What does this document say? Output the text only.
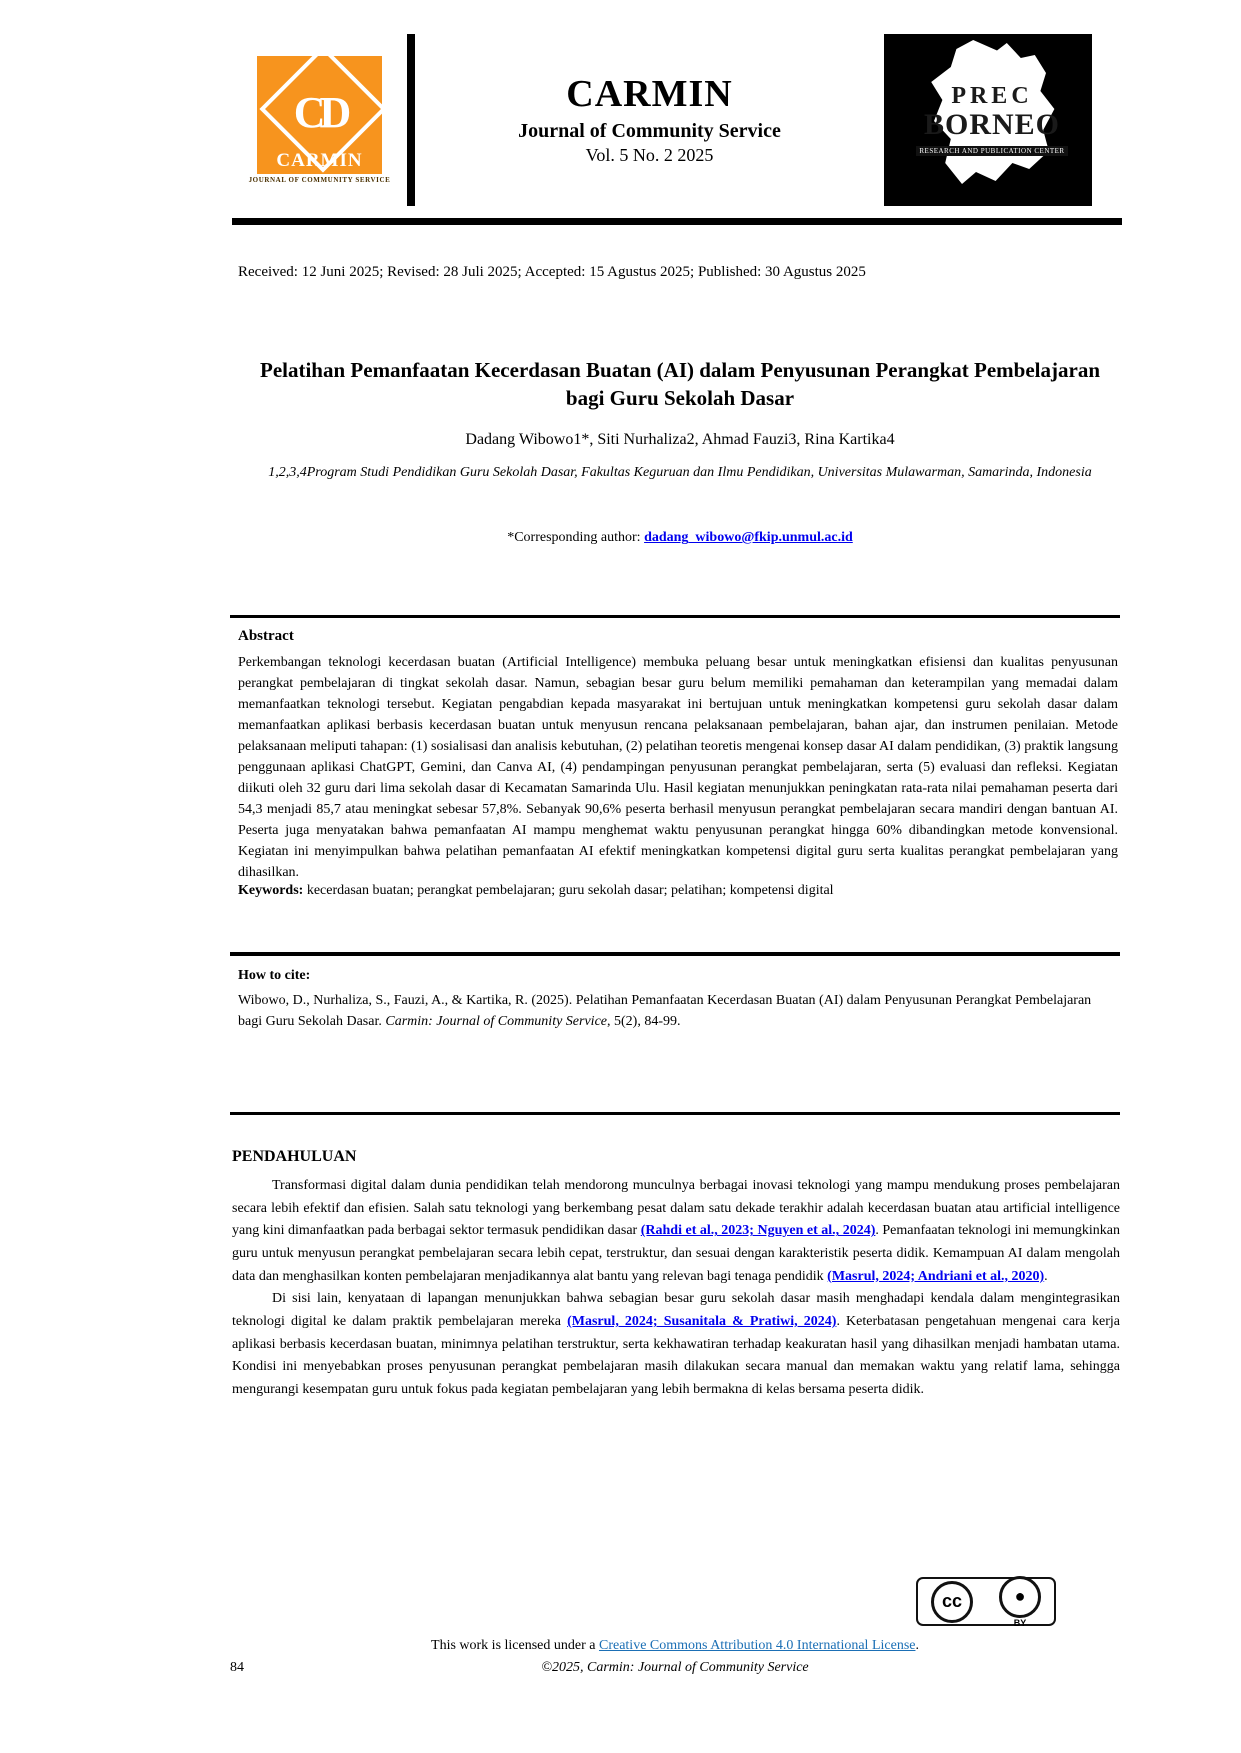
CD
CARMIN
JOURNAL OF COMMUNITY SERVICE
CARMIN
Journal of Community Service
Vol. 5 No. 2 2025
PREC
BORNEO
RESEARCH AND PUBLICATION CENTER
Received: 12 Juni 2025; Revised: 28 Juli 2025; Accepted: 15 Agustus 2025; Published: 30 Agustus 2025
Pelatihan Pemanfaatan Kecerdasan Buatan (AI) dalam Penyusunan Perangkat Pembelajaran bagi Guru Sekolah Dasar
Dadang Wibowo1*, Siti Nurhaliza2, Ahmad Fauzi3, Rina Kartika4
1,2,3,4Program Studi Pendidikan Guru Sekolah Dasar, Fakultas Keguruan dan Ilmu Pendidikan, Universitas Mulawarman, Samarinda, Indonesia
*Corresponding author: dadang_wibowo@fkip.unmul.ac.id
Abstract
Perkembangan teknologi kecerdasan buatan (Artificial Intelligence) membuka peluang besar untuk meningkatkan efisiensi dan kualitas penyusunan perangkat pembelajaran di tingkat sekolah dasar. Namun, sebagian besar guru belum memiliki pemahaman dan keterampilan yang memadai dalam memanfaatkan teknologi tersebut. Kegiatan pengabdian kepada masyarakat ini bertujuan untuk meningkatkan kompetensi guru sekolah dasar dalam memanfaatkan aplikasi berbasis kecerdasan buatan untuk menyusun rencana pelaksanaan pembelajaran, bahan ajar, dan instrumen penilaian. Metode pelaksanaan meliputi tahapan: (1) sosialisasi dan analisis kebutuhan, (2) pelatihan teoretis mengenai konsep dasar AI dalam pendidikan, (3) praktik langsung penggunaan aplikasi ChatGPT, Gemini, dan Canva AI, (4) pendampingan penyusunan perangkat pembelajaran, serta (5) evaluasi dan refleksi. Kegiatan diikuti oleh 32 guru dari lima sekolah dasar di Kecamatan Samarinda Ulu. Hasil kegiatan menunjukkan peningkatan rata-rata nilai pemahaman peserta dari 54,3 menjadi 85,7 atau meningkat sebesar 57,8%. Sebanyak 90,6% peserta berhasil menyusun perangkat pembelajaran secara mandiri dengan bantuan AI. Peserta juga menyatakan bahwa pemanfaatan AI mampu menghemat waktu penyusunan perangkat hingga 60% dibandingkan metode konvensional. Kegiatan ini menyimpulkan bahwa pelatihan pemanfaatan AI efektif meningkatkan kompetensi digital guru serta kualitas perangkat pembelajaran yang dihasilkan.
Keywords: kecerdasan buatan; perangkat pembelajaran; guru sekolah dasar; pelatihan; kompetensi digital
How to cite:
Wibowo, D., Nurhaliza, S., Fauzi, A., & Kartika, R. (2025). Pelatihan Pemanfaatan Kecerdasan Buatan (AI) dalam Penyusunan Perangkat Pembelajaran bagi Guru Sekolah Dasar. Carmin: Journal of Community Service, 5(2), 84-99.
PENDAHULUAN

Transformasi digital dalam dunia pendidikan telah mendorong munculnya berbagai inovasi teknologi yang mampu mendukung proses pembelajaran secara lebih efektif dan efisien. Salah satu teknologi yang berkembang pesat dalam satu dekade terakhir adalah kecerdasan buatan atau artificial intelligence yang kini dimanfaatkan pada berbagai sektor termasuk pendidikan dasar (Rahdi et al., 2023; Nguyen et al., 2024). Pemanfaatan teknologi ini memungkinkan guru untuk menyusun perangkat pembelajaran secara lebih cepat, terstruktur, dan sesuai dengan karakteristik peserta didik. Kemampuan AI dalam mengolah data dan menghasilkan konten pembelajaran menjadikannya alat bantu yang relevan bagi tenaga pendidik (Masrul, 2024; Andriani et al., 2020).

Di sisi lain, kenyataan di lapangan menunjukkan bahwa sebagian besar guru sekolah dasar masih menghadapi kendala dalam mengintegrasikan teknologi digital ke dalam praktik pembelajaran mereka (Masrul, 2024; Susanitala & Pratiwi, 2024). Keterbatasan pengetahuan mengenai cara kerja aplikasi berbasis kecerdasan buatan, minimnya pelatihan terstruktur, serta kekhawatiran terhadap keakuratan hasil yang dihasilkan menjadi hambatan utama. Kondisi ini menyebabkan proses penyusunan perangkat pembelajaran masih dilakukan secara manual dan memakan waktu yang relatif lama, sehingga mengurangi kesempatan guru untuk fokus pada kegiatan pembelajaran yang lebih bermakna di kelas bersama peserta didik.

cc	●
BY
This work is licensed under a Creative Commons Attribution 4.0 International License.
©2025, Carmin: Journal of Community Service
84
